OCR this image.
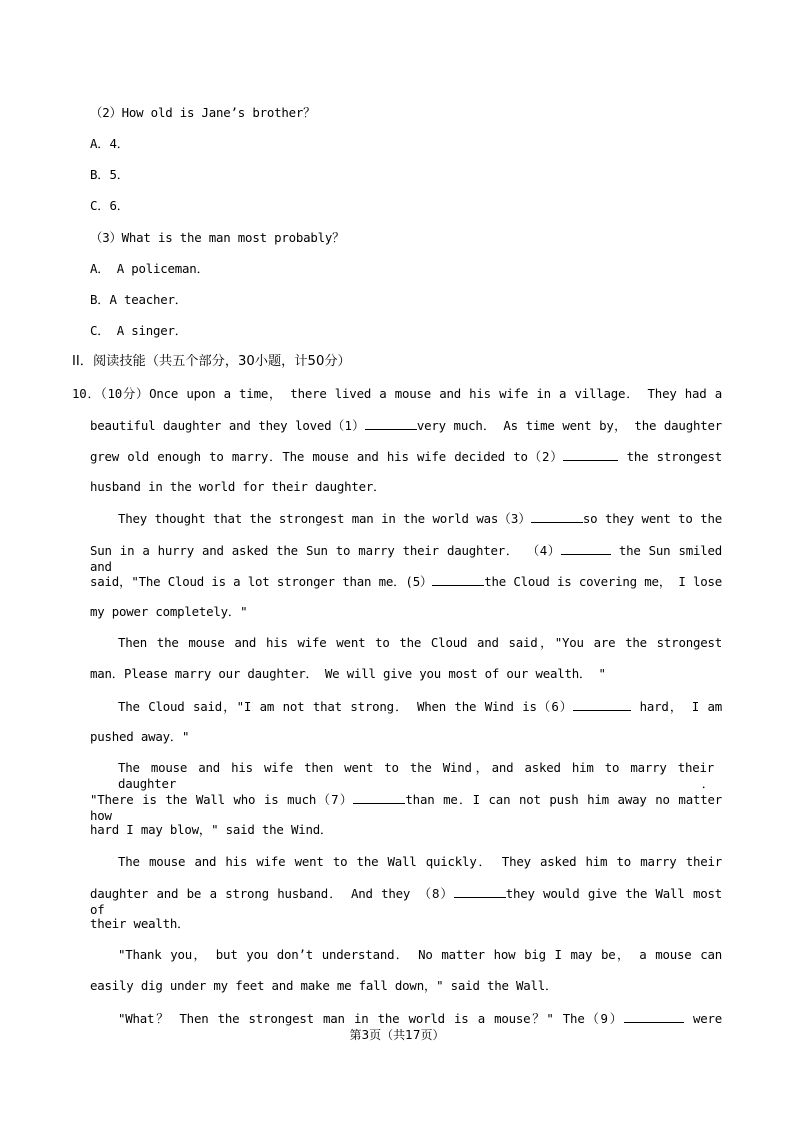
（2）How old is Jane’s brother？
A．4．
B．5．
C．6．
（3）What is the man most probably？
A． A policeman．
B．A teacher．
C． A singer．
II．阅读技能（共五个部分，30小题，计50分）
10．（10分）Once upon a time， there lived a mouse and his wife in a village． They had a
beautiful daughter and they loved（1）	very much． As time went by， the daughter
grew old enough to marry．The mouse and his wife decided to（2）	the strongest
husband in the world for their daughter．
They thought that the strongest man in the world was（3）	so they went to the
Sun in a hurry and asked the Sun to marry their daughter． （4）	the Sun smiled and
said，"The Cloud is a lot stronger than me．(5）	the Cloud is covering me， I lose
my power completely．"
Then the mouse and his wife went to the Cloud and said，"You are the strongest
man．Please marry our daughter． We will give you most of our wealth． "
The Cloud said，"I am not that strong． When the Wind is（6）	hard， I am
pushed away．"
The mouse and his wife then went to the Wind，and asked him to marry their daughter．
"There is the Wall who is much（7）	than me．I can not push him away no matter how
hard I may blow，" said the Wind．
The mouse and his wife went to the Wall quickly． They asked him to marry their
daughter and be a strong husband． And they （8）	they would give the Wall most of
their wealth．
"Thank you， but you don’t understand． No matter how big I may be， a mouse can
easily dig under my feet and make me fall down，" said the Wall．
"What？ Then the strongest man in the world is a mouse？" The（9）	were
第3页（共17页）
